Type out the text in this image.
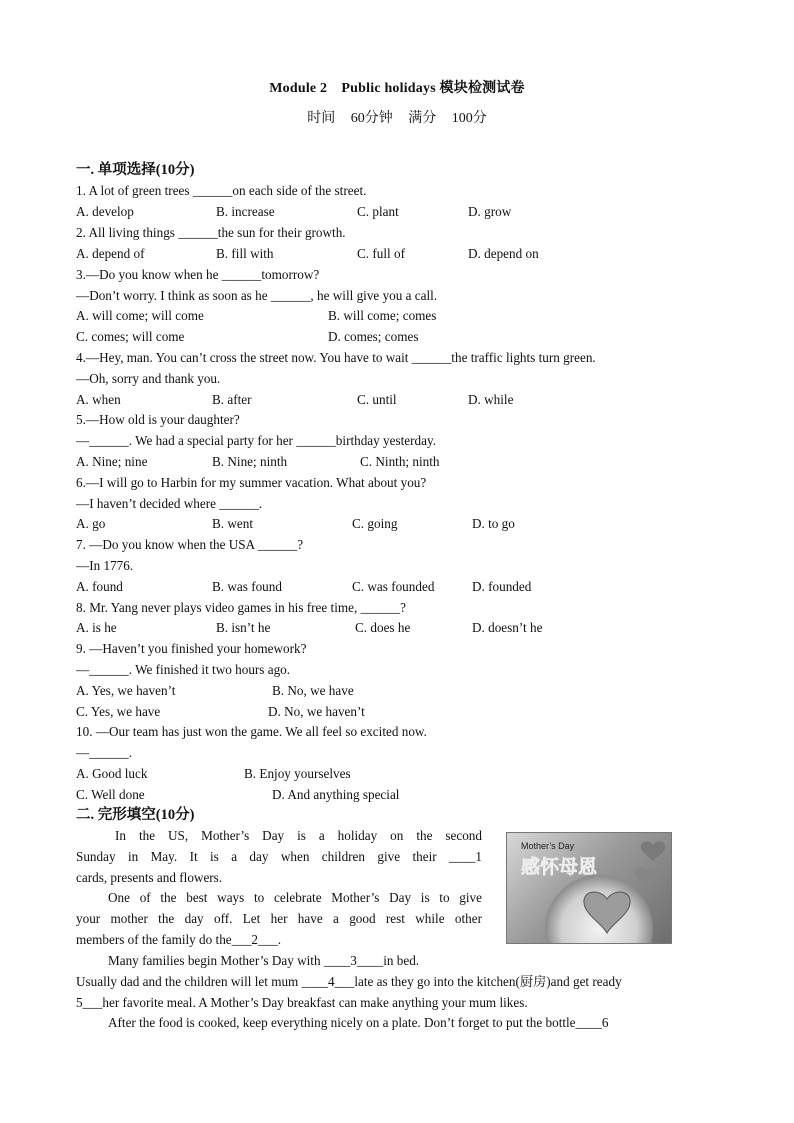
Module 2　Public holidays 模块检测试卷
时间 60分钟 满分 100分
一. 单项选择(10分)
1. A lot of green trees ______on each side of the street.
A. develop	B. increase	C. plant	D. grow
2. All living things ______the sun for their growth.
A. depend of	B. fill with	C. full of	D. depend on
3.—Do you know when he ______tomorrow?
—Don’t worry. I think as soon as he ______, he will give you a call.
A. will come; will come	B. will come; comes
C. comes; will come	D. comes; comes
4.—Hey, man. You can’t cross the street now. You have to wait ______the traffic lights turn green.
—Oh, sorry and thank you.
A. when	B. after	C. until	D. while
5.—How old is your daughter?
—______. We had a special party for her ______birthday yesterday.
A. Nine; nine	B. Nine; ninth	C. Ninth; ninth
6.—I will go to Harbin for my summer vacation. What about you?
—I haven’t decided where ______.
A. go	B. went	C. going	D. to go
7. —Do you know when the USA ______?
—In 1776.
A. found	B. was found	C. was founded	D. founded
8. Mr. Yang never plays video games in his free time, ______?
A. is he	B. isn’t he	C. does he	D. doesn’t he
9. —Haven’t you finished your homework?
—______. We finished it two hours ago.
A. Yes, we haven’t	B. No, we have
C. Yes, we have	D. No, we haven’t
10. —Our team has just won the game. We all feel so excited now.
—______.
A. Good luck	B. Enjoy yourselves
C. Well done	D. And anything special
二. 完形填空(10分)
In the US, Mother’s Day is a holiday on the second
Sunday in May. It is a day when children give their ____1
cards, presents and flowers.
One of the best ways to celebrate Mother’s Day is to give
your mother the day off. Let her have a good rest while other
members of the family do the___2___.
Many families begin Mother’s Day with ____3____in bed.
Usually dad and the children will let mum ____4___late as they go into the kitchen(厨房)and get ready
5___her favorite meal. A Mother’s Day breakfast can make anything your mum likes.
After the food is cooked, keep everything nicely on a plate. Don’t forget to put the bottle____6
Mother’s Day
感怀母恩
